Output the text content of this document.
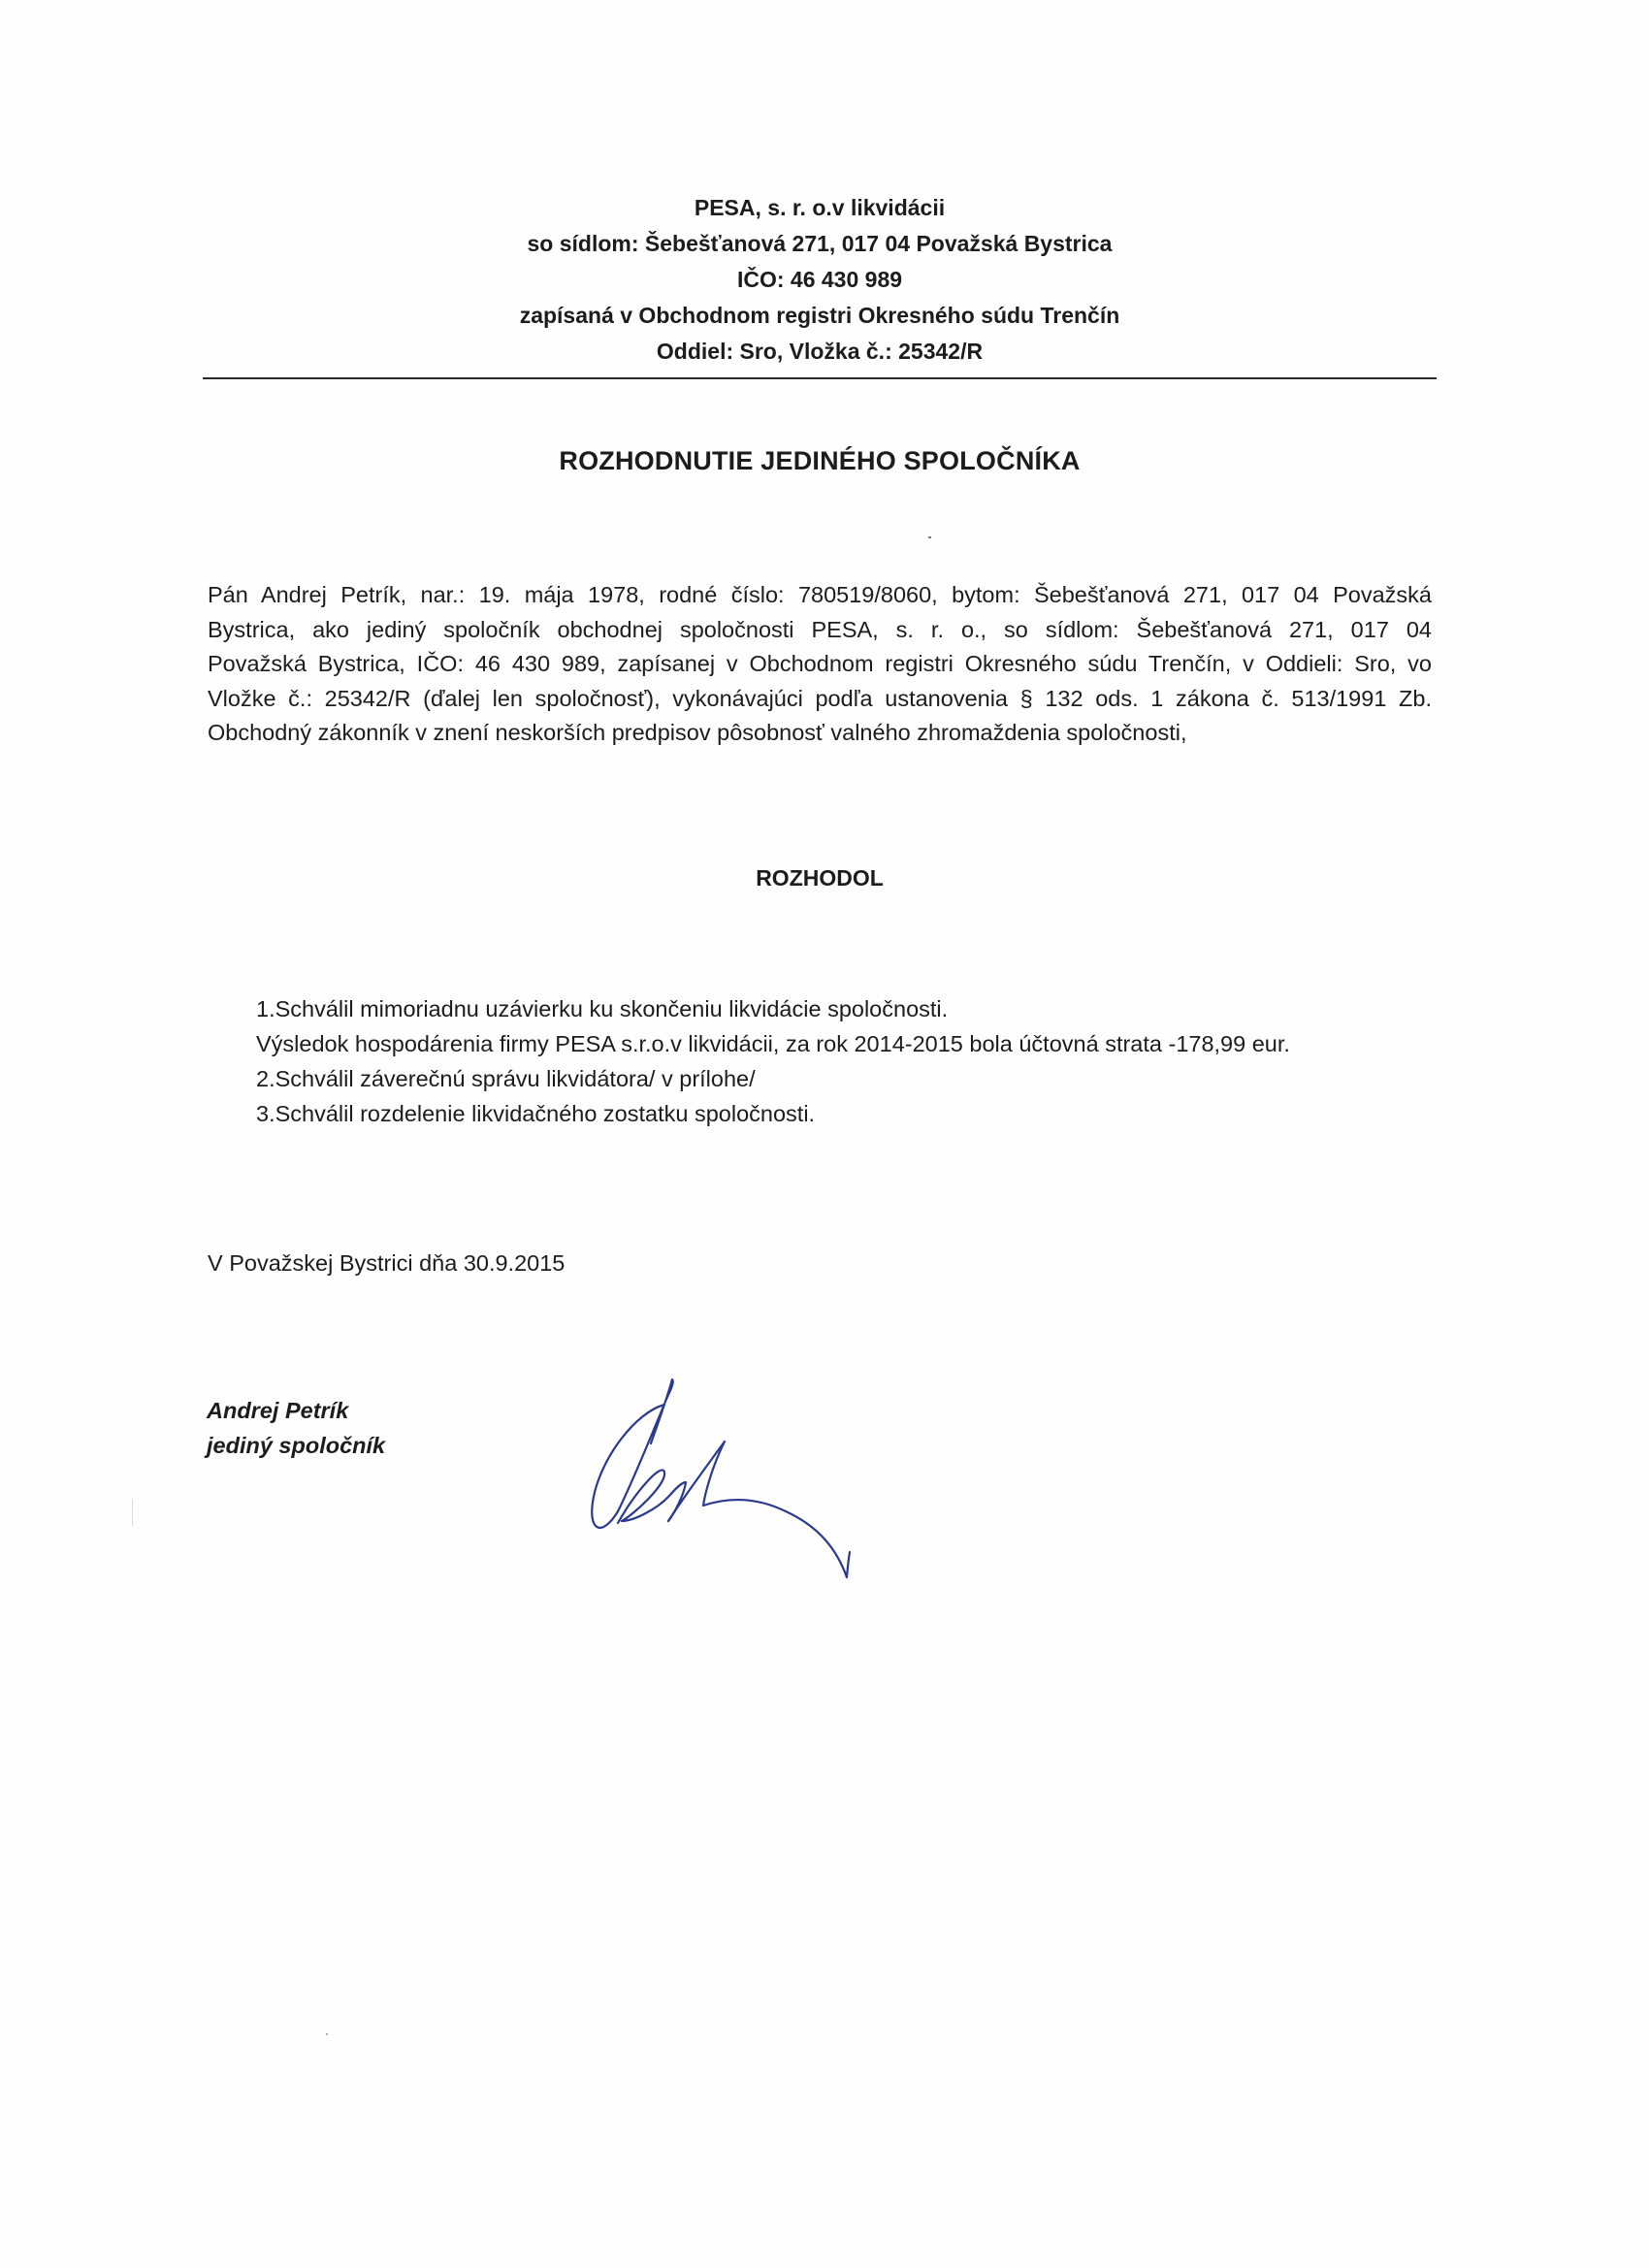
PESA, s. r. o.v likvidácii
so sídlom: Šebešťanová 271, 017 04 Považská Bystrica
IČO: 46 430 989
zapísaná v Obchodnom registri Okresného súdu Trenčín
Oddiel: Sro, Vložka č.: 25342/R
ROZHODNUTIE JEDINÉHO SPOLOČNÍKA
Pán Andrej Petrík, nar.: 19. mája 1978, rodné číslo: 780519/8060, bytom: Šebešťanová 271, 017 04 Považská
Bystrica, ako jediný spoločník obchodnej spoločnosti PESA, s. r. o., so sídlom: Šebešťanová 271, 017 04
Považská Bystrica, IČO: 46 430 989, zapísanej v Obchodnom registri Okresného súdu Trenčín, v Oddieli: Sro, vo
Vložke č.: 25342/R (ďalej len spoločnosť), vykonávajúci podľa ustanovenia § 132 ods. 1 zákona č. 513/1991 Zb.
Obchodný zákonník v znení neskorších predpisov pôsobnosť valného zhromaždenia spoločnosti,
ROZHODOL
1.Schválil mimoriadnu uzávierku ku skončeniu likvidácie spoločnosti.
Výsledok hospodárenia firmy PESA s.r.o.v likvidácii, za rok 2014-2015 bola účtovná strata -178,99 eur.
2.Schválil záverečnú správu likvidátora/ v prílohe/
3.Schválil rozdelenie likvidačného zostatku spoločnosti.
V Považskej Bystrici dňa 30.9.2015
Andrej Petrík
jediný spoločník
